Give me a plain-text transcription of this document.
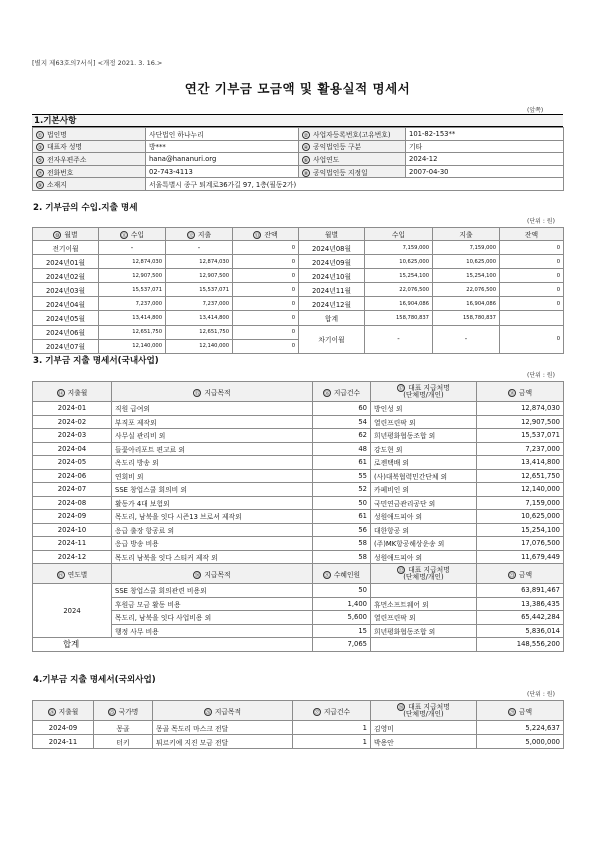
[별지 제63호의7서식] <개정 2021. 3. 16.>
연간 기부금 모금액 및 활용실적 명세서
(앞쪽)
1.기본사항
① 법인명	사단법인 하나누리	② 사업자등록번호(고유번호)	101-82-153**
③ 대표자 성명	방***	④ 공익법인등 구분	기타
⑤ 전자우편주소	hana@hananuri.org	⑥ 사업연도	2024-12
⑦ 전화번호	02-743-4113	⑧ 공익법인등 지정일	2007-04-30
⑨ 소재지	서울특별시 종구 퇴계로36가길 97, 1층(필동2가)		
2. 기부금의 수입.지출 명세
(단위 : 원)
⑩ 월별	⑪ 수입	⑫ 지출	⑬ 잔액	월별	수입	지출	잔액
전기이월	-	-	0	2024년08월	7,159,000	7,159,000	0
2024년01월	12,874,030	12,874,030	0	2024년09월	10,625,000	10,625,000	0
2024년02월	12,907,500	12,907,500	0	2024년10월	15,254,100	15,254,100	0
2024년03월	15,537,071	15,537,071	0	2024년11월	22,076,500	22,076,500	0
2024년04월	7,237,000	7,237,000	0	2024년12월	16,904,086	16,904,086	0
2024년05월	13,414,800	13,414,800	0	합계	158,780,837	158,780,837	
2024년06월	12,651,750	12,651,750	0	차기이월	-	-	0
2024년07월	12,140,000	12,140,000	0				
3. 기부금 지출 명세서(국내사업)
(단위 : 원)
⑭ 지출월	⑮ 지급목적	⑯ 지급건수	⑰ 대표 지급처명
(단체명/개인)	⑱ 금액
2024-01	직원 급여외	60	방인성 외	12,874,030
2024-02	부직포 제작외	54	열린프린팍 외	12,907,500
2024-03	사무실 관리비 외	62	희년평화협동조합 외	15,537,071
2024-04	들꽃아리포트 편고료 외	48	강도현 외	7,237,000
2024-05	옥도리 방송 외	61	로젠택배 외	13,414,800
2024-06	연회비 외	55	(사)대북협력민간단체 외	12,651,750
2024-07	SSE 창업스쿨 회의비 외	52	카페비인 외	12,140,000
2024-08	활동가 4대 보험외	50	국민연금관리공단 외	7,159,000
2024-09	목도리, 남북을 잇다 시즌13 브로셔 제작외	61	성원애드피아 외	10,625,000
2024-10	응급 출장 항공료 외	56	대한항공 외	15,254,100
2024-11	응급 방송 비용	58	(주)MK항공해상운송 외	17,076,500
2024-12	목도리 남북을 잇다 스티커 제작 외	58	성원애드피아 외	11,679,449
⑲ 연도별	⑳ 지급목적	㉑ 수혜인원	㉒ 대표 지급처명
(단체명/개인)	㉓ 금액
2024	SSE 창업스쿨 회의관련 비용외	50		63,891,467
	후원금 모금 활동 비용	1,400	휴먼소프트웨어 외	13,386,435
	목도리, 남북을 잇다 사업비용 외	5,600	열린프린팍 외	65,442,284
	행정 사무 비용	15	희년평화협동조합 외	5,836,014
합계		7,065		148,556,200
4.기부금 지출 명세서(국외사업)
(단위 : 원)
㉔ 지출월	㉕ 국가명	㉖ 지급목적	㉗ 지급건수	㉘ 대표 지급처명
(단체명/개인)	㉙ 금액
2024-09	몽골	몽골 목도리 마스크 전달	1	김영미	5,224,637
2024-11	터키	튀르키예 지진 모금 전달	1	박용안	5,000,000
